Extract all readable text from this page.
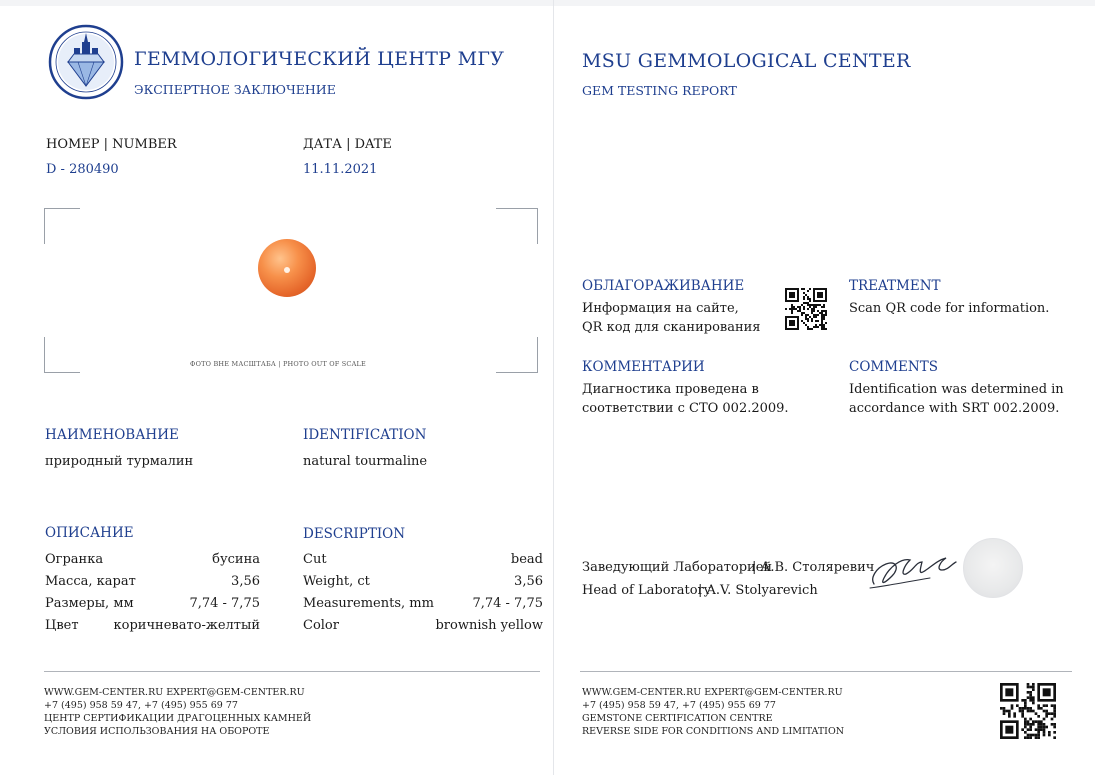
ГЕММОЛОГИЧЕСКИЙ ЦЕНТР МГУ
ЭКСПЕРТНОЕ ЗАКЛЮЧЕНИЕ
MSU GEMMOLOGICAL CENTER
GEM TESTING REPORT
НОМЕР | NUMBER
D - 280490
ДАТА | DATE
11.11.2021
ФОТО ВНЕ МАСШТАБА | PHOTO OUT OF SCALE
НАИМЕНОВАНИЕ
природный турмалин
IDENTIFICATION
natural tourmaline
ОПИСАНИЕ	DESCRIPTION
Огранка	бусина
Масса, карат	3,56
Размеры, мм	7,74 - 7,75
Цвет	коричневато-желтый
Cut	bead
Weight, ct	3,56
Measurements, mm	7,74 - 7,75
Color	brownish yellow
ОБЛАГОРАЖИВАНИЕ
Информация на сайте,
QR код для сканирования
TREATMENT
Scan QR code for information.
КОММЕНТАРИИ
Диагностика проведена в
соответствии с СТО 002.2009.
COMMENTS
Identification was determined in
accordance with SRT 002.2009.
Заведующий Лабораторией
| А.В. Столяревич
Head of Laboratory
| A.V. Stolyarevich
WWW.GEM-CENTER.RU EXPERT@GEM-CENTER.RU
+7 (495) 958 59 47, +7 (495) 955 69 77
ЦЕНТР СЕРТИФИКАЦИИ ДРАГОЦЕННЫХ КАМНЕЙ
УСЛОВИЯ ИСПОЛЬЗОВАНИЯ НА ОБОРОТЕ
WWW.GEM-CENTER.RU EXPERT@GEM-CENTER.RU
+7 (495) 958 59 47, +7 (495) 955 69 77
GEMSTONE CERTIFICATION CENTRE
REVERSE SIDE FOR CONDITIONS AND LIMITATION
